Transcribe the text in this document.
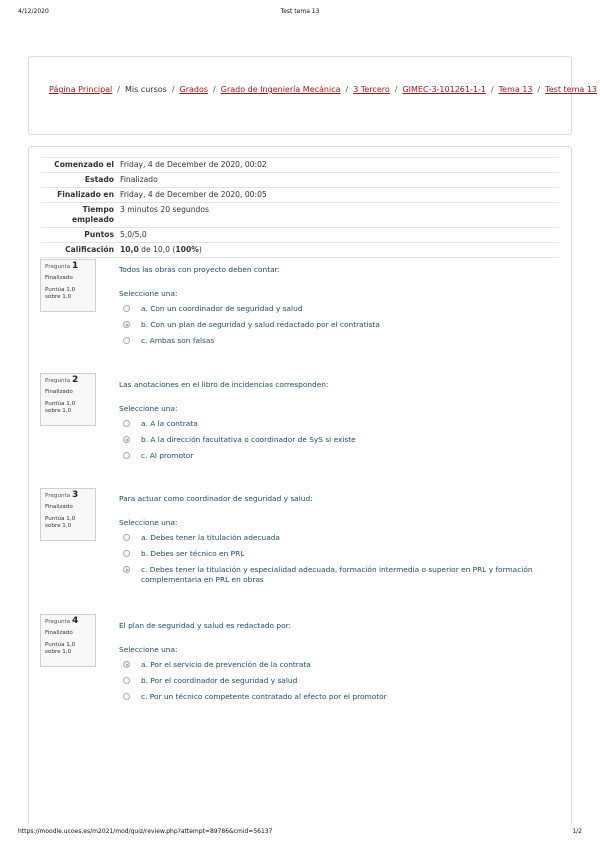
4/12/2020	Test tema 13
Página Principal / Mis cursos / Grados / Grado de Ingeniería Mecánica / 3 Tercero / GIMEC-3-101261-1-1 / Tema 13 / Test tema 13
Comenzado el	Friday, 4 de December de 2020, 00:02
Estado	Finalizado
Finalizado en	Friday, 4 de December de 2020, 00:05
Tiempo
empleado	3 minutos 20 segundos
Puntos	5,0/5,0
Calificación	10,0 de 10,0 (100%)
Pregunta 1
Finalizado
Puntúa 1,0 sobre 1,0
Todos las obras con proyecto deben contar:
Seleccione una:
a. Con un coordinador de seguridad y salud
b. Con un plan de seguridad y salud redactado por el contratista
c. Ambas son falsas
Pregunta 2
Finalizado
Puntúa 1,0 sobre 1,0
Las anotaciones en el libro de incidencias corresponden:
Seleccione una:
a. A la contrata
b. A la dirección facultativa o coordinador de SyS si existe
c. Al promotor
Pregunta 3
Finalizado
Puntúa 1,0 sobre 1,0
Para actuar como coordinador de seguridad y salud:
Seleccione una:
a. Debes tener la titulación adecuada
b. Debes ser técnico en PRL
c. Debes tener la titulación y especialidad adecuada, formación intermedia o superior en PRL y formación complementaria en PRL en obras
Pregunta 4
Finalizado
Puntúa 1,0 sobre 1,0
El plan de seguridad y salud es redactado por:
Seleccione una:
a. Por el servicio de prevención de la contrata
b. Por el coordinador de seguridad y salud
c. Por un técnico competente contratado al efecto por el promotor
https://moodle.ucoes.es/m2021/mod/quiz/review.php?attempt=89786&cmid=56137	1/2
